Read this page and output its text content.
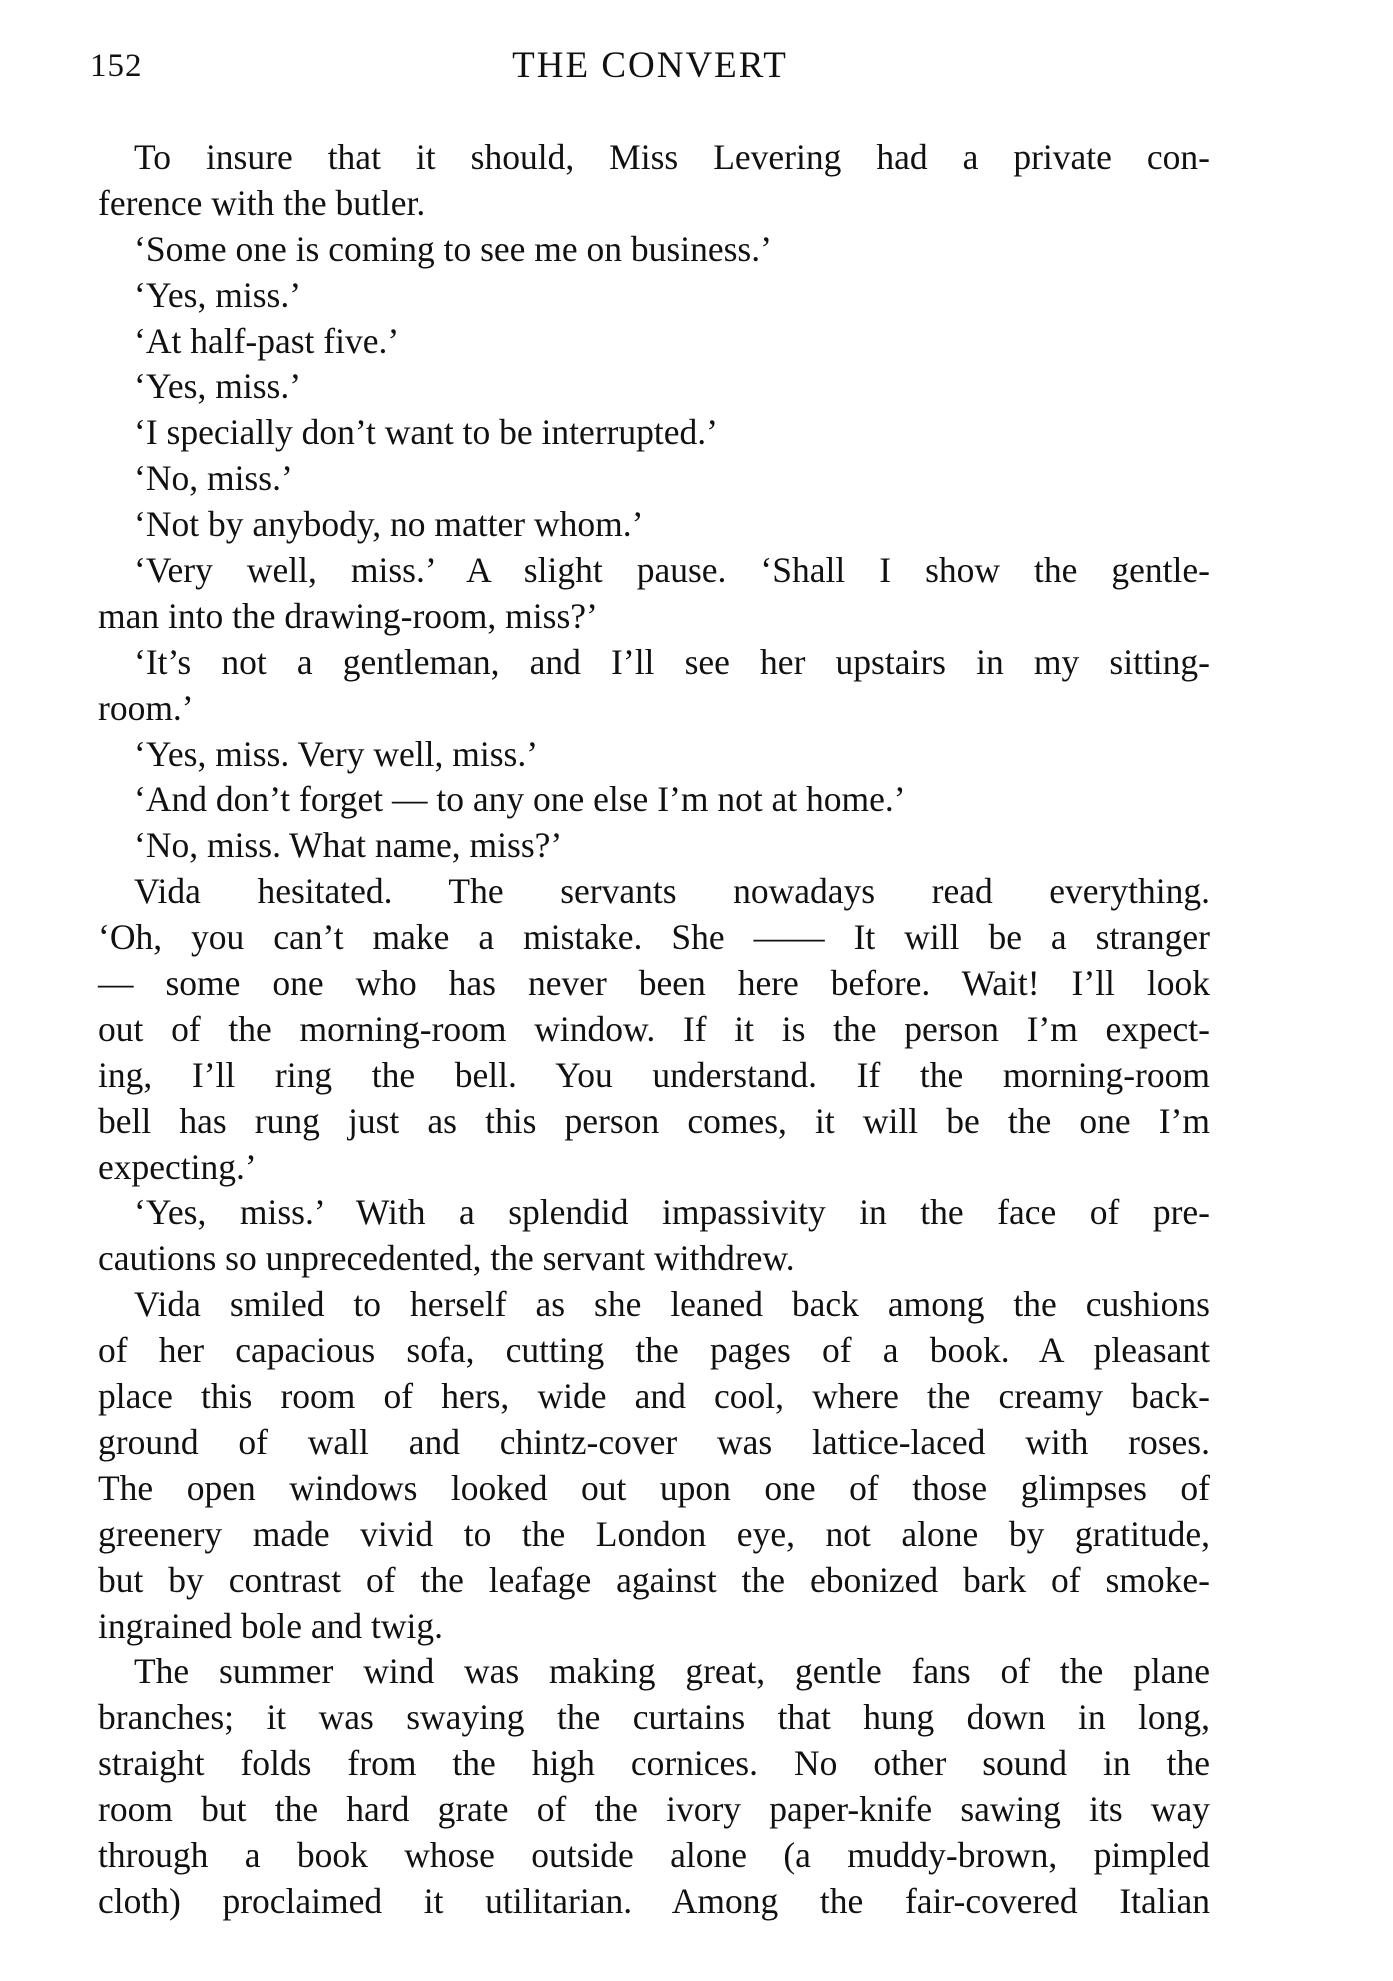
152	THE CONVERT
To insure that it should, Miss Levering had a private con-
ference with the butler.
‘Some one is coming to see me on business.’
‘Yes, miss.’
‘At half-past five.’
‘Yes, miss.’
‘I specially don’t want to be interrupted.’
‘No, miss.’
‘Not by anybody, no matter whom.’
‘Very well, miss.’ A slight pause. ‘Shall I show the gentle-
man into the drawing-room, miss?’
‘It’s not a gentleman, and I’ll see her upstairs in my sitting-
room.’
‘Yes, miss. Very well, miss.’
‘And don’t forget — to any one else I’m not at home.’
‘No, miss. What name, miss?’
Vida hesitated. The servants nowadays read everything.
‘Oh, you can’t make a mistake. She —— It will be a stranger
— some one who has never been here before. Wait! I’ll look
out of the morning-room window. If it is the person I’m expect-
ing, I’ll ring the bell. You understand. If the morning-room
bell has rung just as this person comes, it will be the one I’m
expecting.’
‘Yes, miss.’ With a splendid impassivity in the face of pre-
cautions so unprecedented, the servant withdrew.
Vida smiled to herself as she leaned back among the cushions
of her capacious sofa, cutting the pages of a book. A pleasant
place this room of hers, wide and cool, where the creamy back-
ground of wall and chintz-cover was lattice-laced with roses.
The open windows looked out upon one of those glimpses of
greenery made vivid to the London eye, not alone by gratitude,
but by contrast of the leafage against the ebonized bark of smoke-
ingrained bole and twig.
The summer wind was making great, gentle fans of the plane
branches; it was swaying the curtains that hung down in long,
straight folds from the high cornices. No other sound in the
room but the hard grate of the ivory paper-knife sawing its way
through a book whose outside alone (a muddy-brown, pimpled
cloth) proclaimed it utilitarian. Among the fair-covered Italian
